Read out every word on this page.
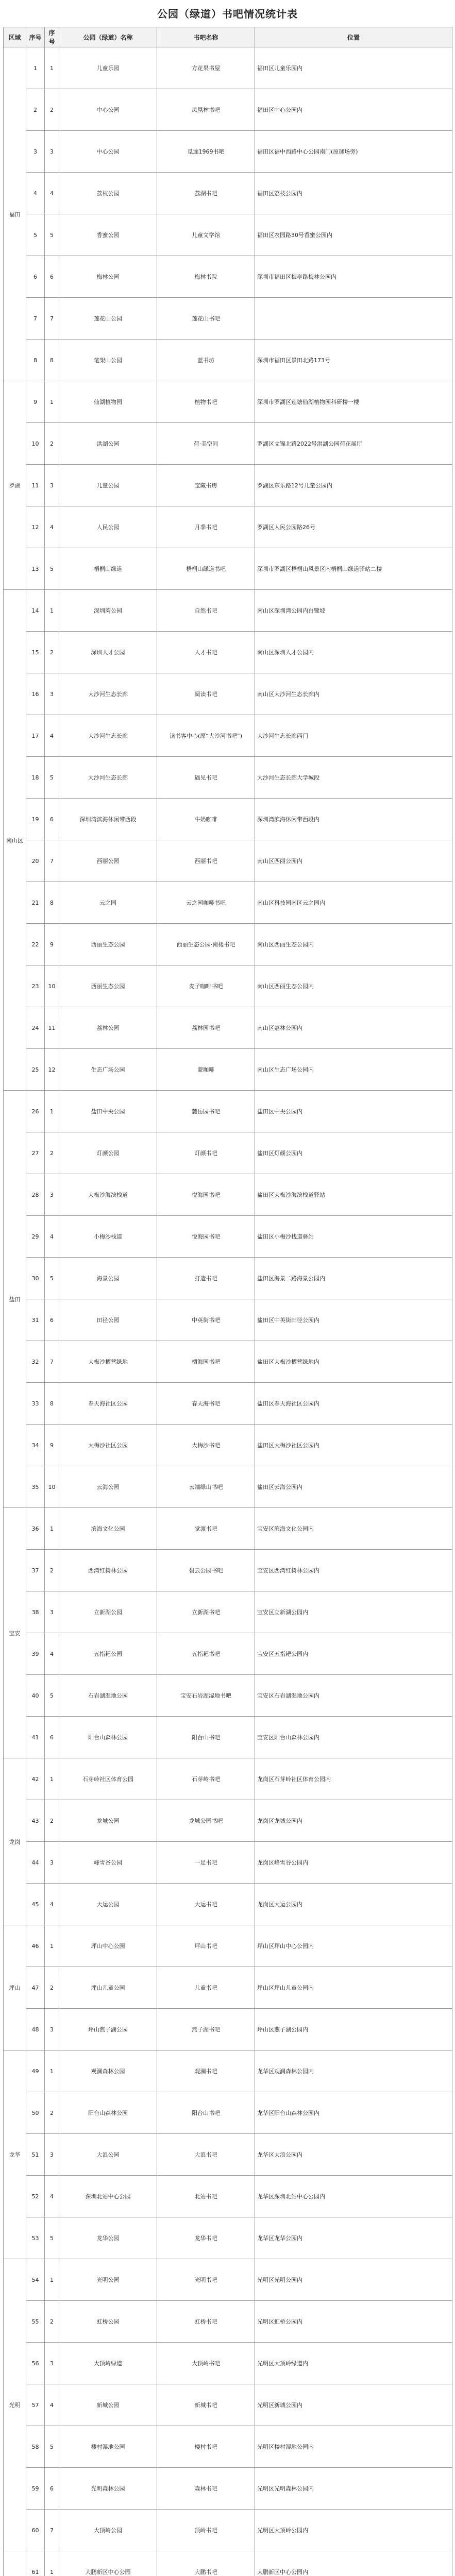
公园（绿道）书吧情况统计表
区域	序号	序号	公园（绿道）名称	书吧名称	位置
福田	1	1	儿童乐园	方花果书屋	福田区儿童乐园内
	2	2	中心公园	凤凰林书吧	福田区中心公园内
	3	3	中心公园	觅途1969书吧	福田区福中西路中心公园南门(原球场旁)
	4	4	荔枝公园	荔湖书吧	福田区荔枝公园内
	5	5	香蜜公园	儿童文学馆	福田区农园路30号香蜜公园内
	6	6	梅林公园	梅林书院	深圳市福田区梅亭路梅林公园内
	7	7	莲花山公园	莲花山书吧	
	8	8	笔架山公园	蓝书坊	深圳市福田区景田北路173号
罗湖	9	1	仙湖植物园	植物书吧	深圳市罗湖区莲塘仙湖植物园科研楼一楼
	10	2	洪湖公园	荷·美空间	罗湖区文锦北路2022号洪湖公园荷花展厅
	11	3	儿童公园	宝藏书房	罗湖区东乐路12号儿童公园内
	12	4	人民公园	月季书吧	罗湖区人民公园路26号
	13	5	梧桐山绿道	梧桐山绿道书吧	深圳市罗湖区梧桐山风景区内梧桐山绿道驿站二楼
南山区	14	1	深圳湾公园	自然书吧	南山区深圳湾公园内白鹭坡
	15	2	深圳人才公园	人才书吧	南山区深圳人才公园内
	16	3	大沙河生态长廊	阅读书吧	南山区大沙河生态长廊内
	17	4	大沙河生态长廊	读书客中心(原“大沙河书吧”)	大沙河生态长廊西门
	18	5	大沙河生态长廊	遇见书吧	大沙河生态长廊大学城段
	19	6	深圳湾滨海休闲带西段	牛奶咖啡	深圳湾滨海休闲带西段内
	20	7	西丽公园	西丽书吧	南山区西丽公园内
	21	8	云之园	云之园咖啡书吧	南山区科技园南区云之园内
	22	9	西丽生态公园	西丽生态公园·南楼书吧	南山区西丽生态公园内
	23	10	西丽生态公园	麦子咖啡书吧	南山区西丽生态公园内
	24	11	荔林公园	荔林园书吧	南山区荔林公园内
	25	12	生态广场公园	蒙咖啡	南山区生态广场公园内
盐田	26	1	盐田中央公园	麓岳园书吧	盐田区中央公园内
	27	2	灯颜公园	灯颜书吧	盐田区灯颜公园内
	28	3	大梅沙海滨栈道	悦海园书吧	盐田区大梅沙海滨栈道驿站
	29	4	小梅沙栈道	悦海园书吧	盐田区小梅沙栈道驿站
	30	5	海景公园	打造书吧	盐田区海景二路海景公园内
	31	6	田径公园	中英街书吧	盐田区中英街田径公园内
	32	7	大梅沙栖营绿地	栖海园书吧	盐田区大梅沙栖营绿地内
	33	8	春天海社区公园	春天海书吧	盐田区春天海社区公园内
	34	9	大梅沙社区公园	大梅沙书吧	盐田区大梅沙社区公园内
	35	10	云海公园	云端绿山书吧	盐田区云海公园内
宝安	36	1	滨海文化公园	觉渡书吧	宝安区滨海文化公园内
	37	2	西湾红树林公园	碧云公园书吧	宝安区西湾红树林公园内
	38	3	立新湖公园	立新湖书吧	宝安区立新湖公园内
	39	4	五指耙公园	五指耙书吧	宝安区五指耙公园内
	40	5	石岩湖湿地公园	宝安石岩湖湿地书吧	宝安区石岩湖湿地公园内
	41	6	阳台山森林公园	阳台山书吧	宝安区阳台山森林公园内
龙岗	42	1	石芽岭社区体育公园	石芽岭书吧	龙岗区石芽岭社区体育公园内
	43	2	龙城公园	龙城公园书吧	龙岗区龙城公园内
	44	3	峰雪谷公园	一足书吧	龙岗区峰雪谷公园内
	45	4	大运公园	大运书吧	龙岗区大运公园内
坪山	46	1	坪山中心公园	坪山书吧	坪山区坪山中心公园内
	47	2	坪山儿童公园	儿童书吧	坪山区坪山儿童公园内
	48	3	坪山燕子湖公园	燕子湖书吧	坪山区燕子湖公园内
龙华	49	1	观澜森林公园	观澜书吧	龙华区观澜森林公园内
	50	2	阳台山森林公园	阳台山书吧	龙华区阳台山森林公园内
	51	3	大浪公园	大浪书吧	龙华区大浪公园内
	52	4	深圳北站中心公园	北站书吧	龙华区深圳北站中心公园内
	53	5	龙华公园	龙华书吧	龙华区龙华公园内
光明	54	1	光明公园	光明书吧	光明区光明公园内
	55	2	虹桥公园	虹桥书吧	光明区虹桥公园内
	56	3	大顶岭绿道	大顶岭书吧	光明区大顶岭绿道内
	57	4	新城公园	新城书吧	光明区新城公园内
	58	5	楼村湿地公园	楼村书吧	光明区楼村湿地公园内
	59	6	光明森林公园	森林书吧	光明区光明森林公园内
	60	7	大顶岭公园	顶岭书吧	光明区大顶岭公园内
	61	1	大鹏新区中心公园	大鹏书吧	大鹏新区中心公园内
